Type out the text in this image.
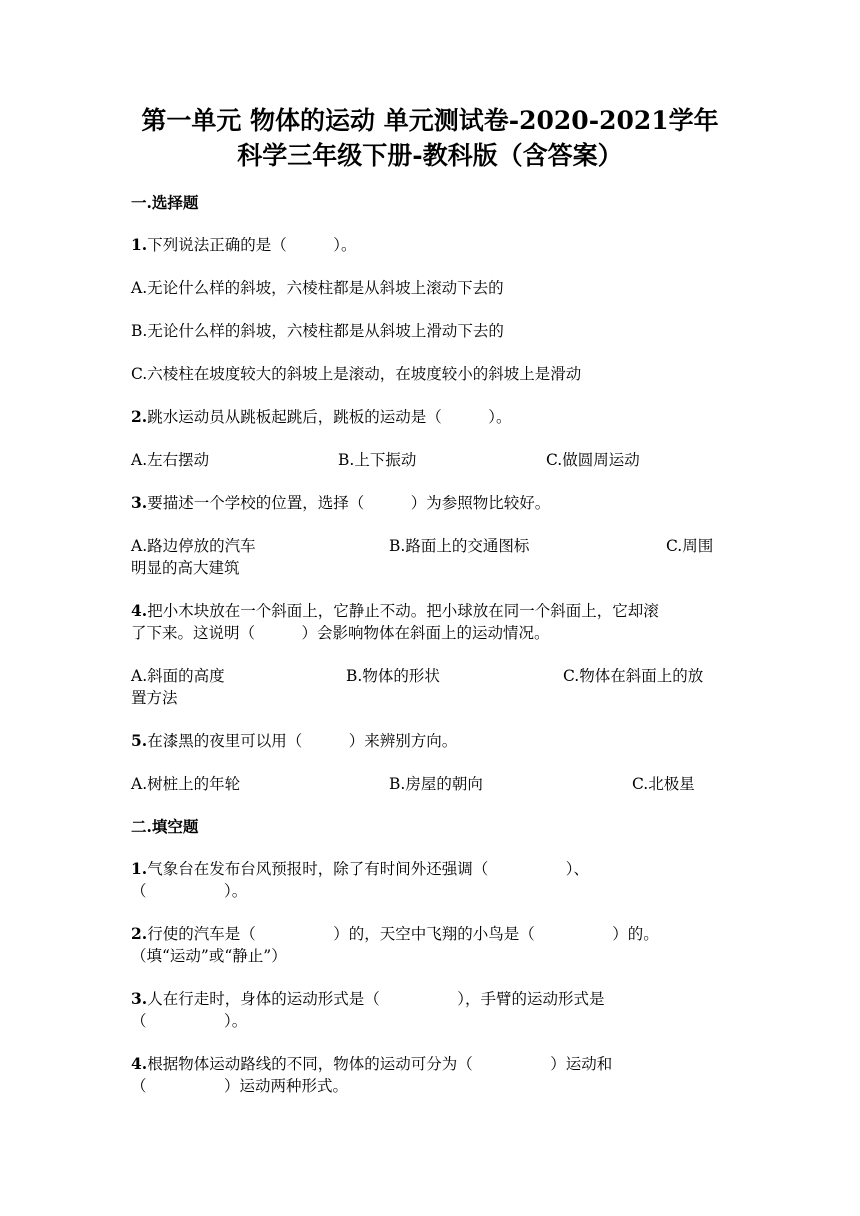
第一单元 物体的运动 单元测试卷-2020-2021学年
科学三年级下册-教科版（含答案）
一.选择题
1.下列说法正确的是（　　　）。
A.无论什么样的斜坡，六棱柱都是从斜坡上滚动下去的
B.无论什么样的斜坡，六棱柱都是从斜坡上滑动下去的
C.六棱柱在坡度较大的斜坡上是滚动，在坡度较小的斜坡上是滑动
2.跳水运动员从跳板起跳后，跳板的运动是（　　　）。
A.左右摆动	B.上下振动	C.做圆周运动
3.要描述一个学校的位置，选择（　　　）为参照物比较好。
A.路边停放的汽车	B.路面上的交通图标	C.周围
明显的高大建筑
4.把小木块放在一个斜面上，它静止不动。把小球放在同一个斜面上，它却滚
了下来。这说明（　　　）会影响物体在斜面上的运动情况。
A.斜面的高度	B.物体的形状	C.物体在斜面上的放
置方法
5.在漆黑的夜里可以用（　　　）来辨别方向。
A.树桩上的年轮	B.房屋的朝向	C.北极星
二.填空题
1.气象台在发布台风预报时，除了有时间外还强调（　　　　　）、
（　　　　　）。
2.行使的汽车是（　　　　　）的，天空中飞翔的小鸟是（　　　　　）的。
（填“运动”或“静止”）
3.人在行走时，身体的运动形式是（　　　　　），手臂的运动形式是
（　　　　　）。
4.根据物体运动路线的不同，物体的运动可分为（　　　　　）运动和
（　　　　　）运动两种形式。
